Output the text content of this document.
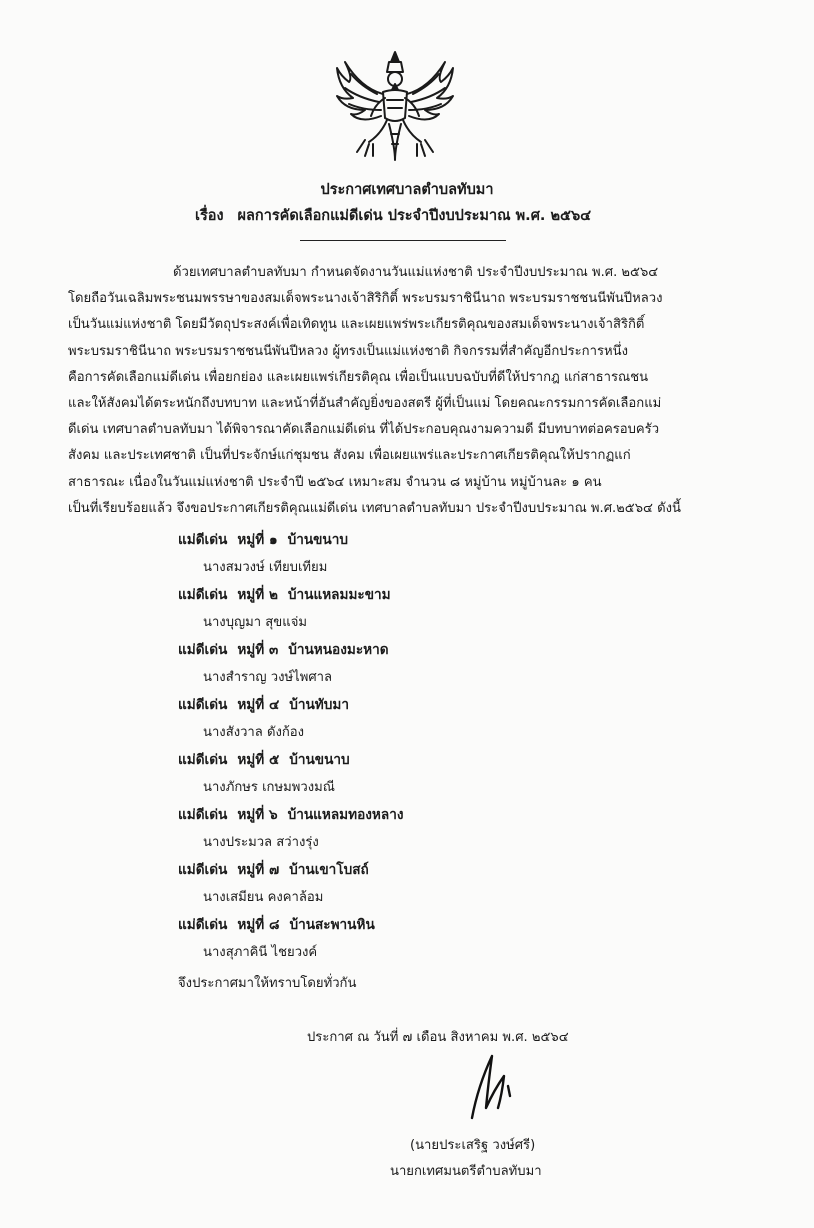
ประกาศเทศบาลตำบลทับมา
เรื่อง ผลการคัดเลือกแม่ดีเด่น ประจำปีงบประมาณ พ.ศ. ๒๕๖๔
ด้วยเทศบาลตำบลทับมา กำหนดจัดงานวันแม่แห่งชาติ ประจำปีงบประมาณ พ.ศ. ๒๕๖๔
โดยถือวันเฉลิมพระชนมพรรษาของสมเด็จพระนางเจ้าสิริกิติ์ พระบรมราชินีนาถ พระบรมราชชนนีพันปีหลวง
เป็นวันแม่แห่งชาติ โดยมีวัตถุประสงค์เพื่อเทิดทูน และเผยแพร่พระเกียรติคุณของสมเด็จพระนางเจ้าสิริกิติ์
พระบรมราชินีนาถ พระบรมราชชนนีพันปีหลวง ผู้ทรงเป็นแม่แห่งชาติ กิจกรรมที่สำคัญอีกประการหนึ่ง
คือการคัดเลือกแม่ดีเด่น เพื่อยกย่อง และเผยแพร่เกียรติคุณ เพื่อเป็นแบบฉบับที่ดีให้ปรากฎ แก่สาธารณชน
และให้สังคมได้ตระหนักถึงบทบาท และหน้าที่อันสำคัญยิ่งของสตรี ผู้ที่เป็นแม่ โดยคณะกรรมการคัดเลือกแม่
ดีเด่น เทศบาลตำบลทับมา ได้พิจารณาคัดเลือกแม่ดีเด่น ที่ได้ประกอบคุณงามความดี มีบทบาทต่อครอบครัว
สังคม และประเทศชาติ เป็นที่ประจักษ์แก่ชุมชน สังคม เพื่อเผยแพร่และประกาศเกียรติคุณให้ปรากฏแก่
สาธารณะ เนื่องในวันแม่แห่งชาติ ประจำปี ๒๕๖๔ เหมาะสม จำนวน ๘ หมู่บ้าน หมู่บ้านละ ๑ คน
เป็นที่เรียบร้อยแล้ว จึงขอประกาศเกียรติคุณแม่ดีเด่น เทศบาลตำบลทับมา ประจำปีงบประมาณ พ.ศ.๒๕๖๔ ดังนี้
แม่ดีเด่น หมู่ที่ ๑ บ้านขนาบ
นางสมวงษ์ เทียบเทียม
แม่ดีเด่น หมู่ที่ ๒ บ้านแหลมมะขาม
นางบุญมา สุขแจ่ม
แม่ดีเด่น หมู่ที่ ๓ บ้านหนองมะหาด
นางสำราญ วงษ์ไพศาล
แม่ดีเด่น หมู่ที่ ๔ บ้านทับมา
นางสังวาล ดังก้อง
แม่ดีเด่น หมู่ที่ ๕ บ้านขนาบ
นางภักษร เกษมพวงมณี
แม่ดีเด่น หมู่ที่ ๖ บ้านแหลมทองหลาง
นางประมวล สว่างรุ่ง
แม่ดีเด่น หมู่ที่ ๗ บ้านเขาโบสถ์
นางเสมียน คงคาล้อม
แม่ดีเด่น หมู่ที่ ๘ บ้านสะพานหิน
นางสุภาคินี ไชยวงค์
จึงประกาศมาให้ทราบโดยทั่วกัน
ประกาศ ณ วันที่ ๗ เดือน สิงหาคม พ.ศ. ๒๕๖๔
(นายประเสริฐ วงษ์ศรี)
นายกเทศมนตรีตำบลทับมา
